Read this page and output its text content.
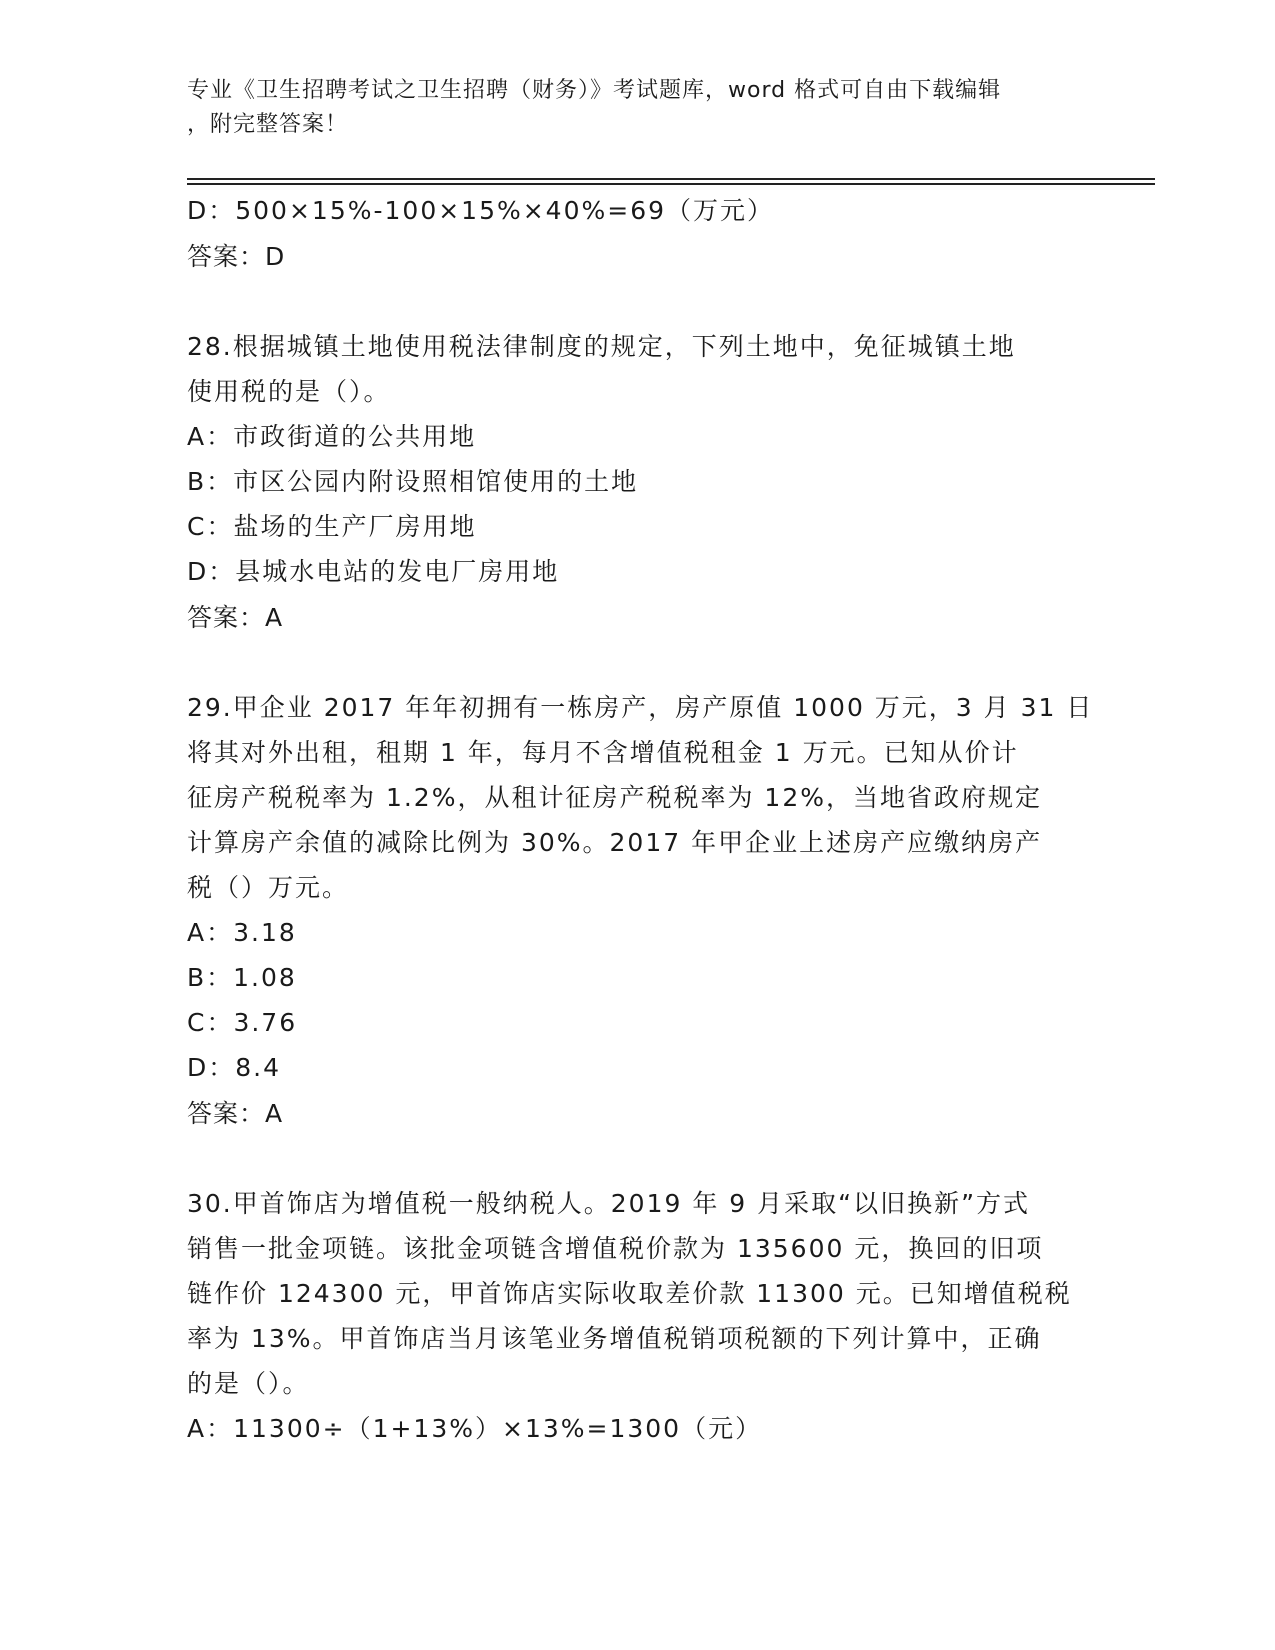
专业《卫生招聘考试之卫生招聘（财务）》考试题库，word 格式可自由下载编辑
，附完整答案！
D：500×15%-100×15%×40%=69（万元）
答案：D
28.根据城镇土地使用税法律制度的规定，下列土地中，免征城镇土地
使用税的是（）。
A：市政街道的公共用地
B：市区公园内附设照相馆使用的土地
C：盐场的生产厂房用地
D：县城水电站的发电厂房用地
答案：A
29.甲企业 2017 年年初拥有一栋房产，房产原值 1000 万元，3 月 31 日
将其对外出租，租期 1 年，每月不含增值税租金 1 万元。已知从价计
征房产税税率为 1.2%，从租计征房产税税率为 12%，当地省政府规定
计算房产余值的减除比例为 30%。2017 年甲企业上述房产应缴纳房产
税（）万元。
A：3.18
B：1.08
C：3.76
D：8.4
答案：A
30.甲首饰店为增值税一般纳税人。2019 年 9 月采取“以旧换新”方式
销售一批金项链。该批金项链含增值税价款为 135600 元，换回的旧项
链作价 124300 元，甲首饰店实际收取差价款 11300 元。已知增值税税
率为 13%。甲首饰店当月该笔业务增值税销项税额的下列计算中，正确
的是（）。
A：11300÷（1+13%）×13%=1300（元）
